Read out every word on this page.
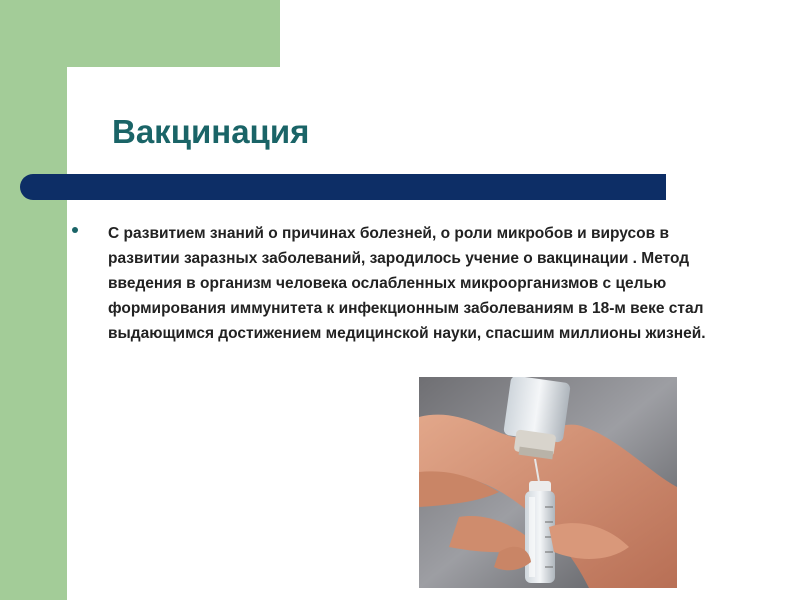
Вакцинация

С развитием знаний о причинах болезней, о роли микробов и вирусов в развитии заразных заболеваний, зародилось учение о вакцинации . Метод введения в организм человека ослабленных микроорганизмов с целью формирования иммунитета к инфекционным заболеваниям в 18-м веке стал выдающимся достижением медицинской науки, спасшим миллионы жизней.
